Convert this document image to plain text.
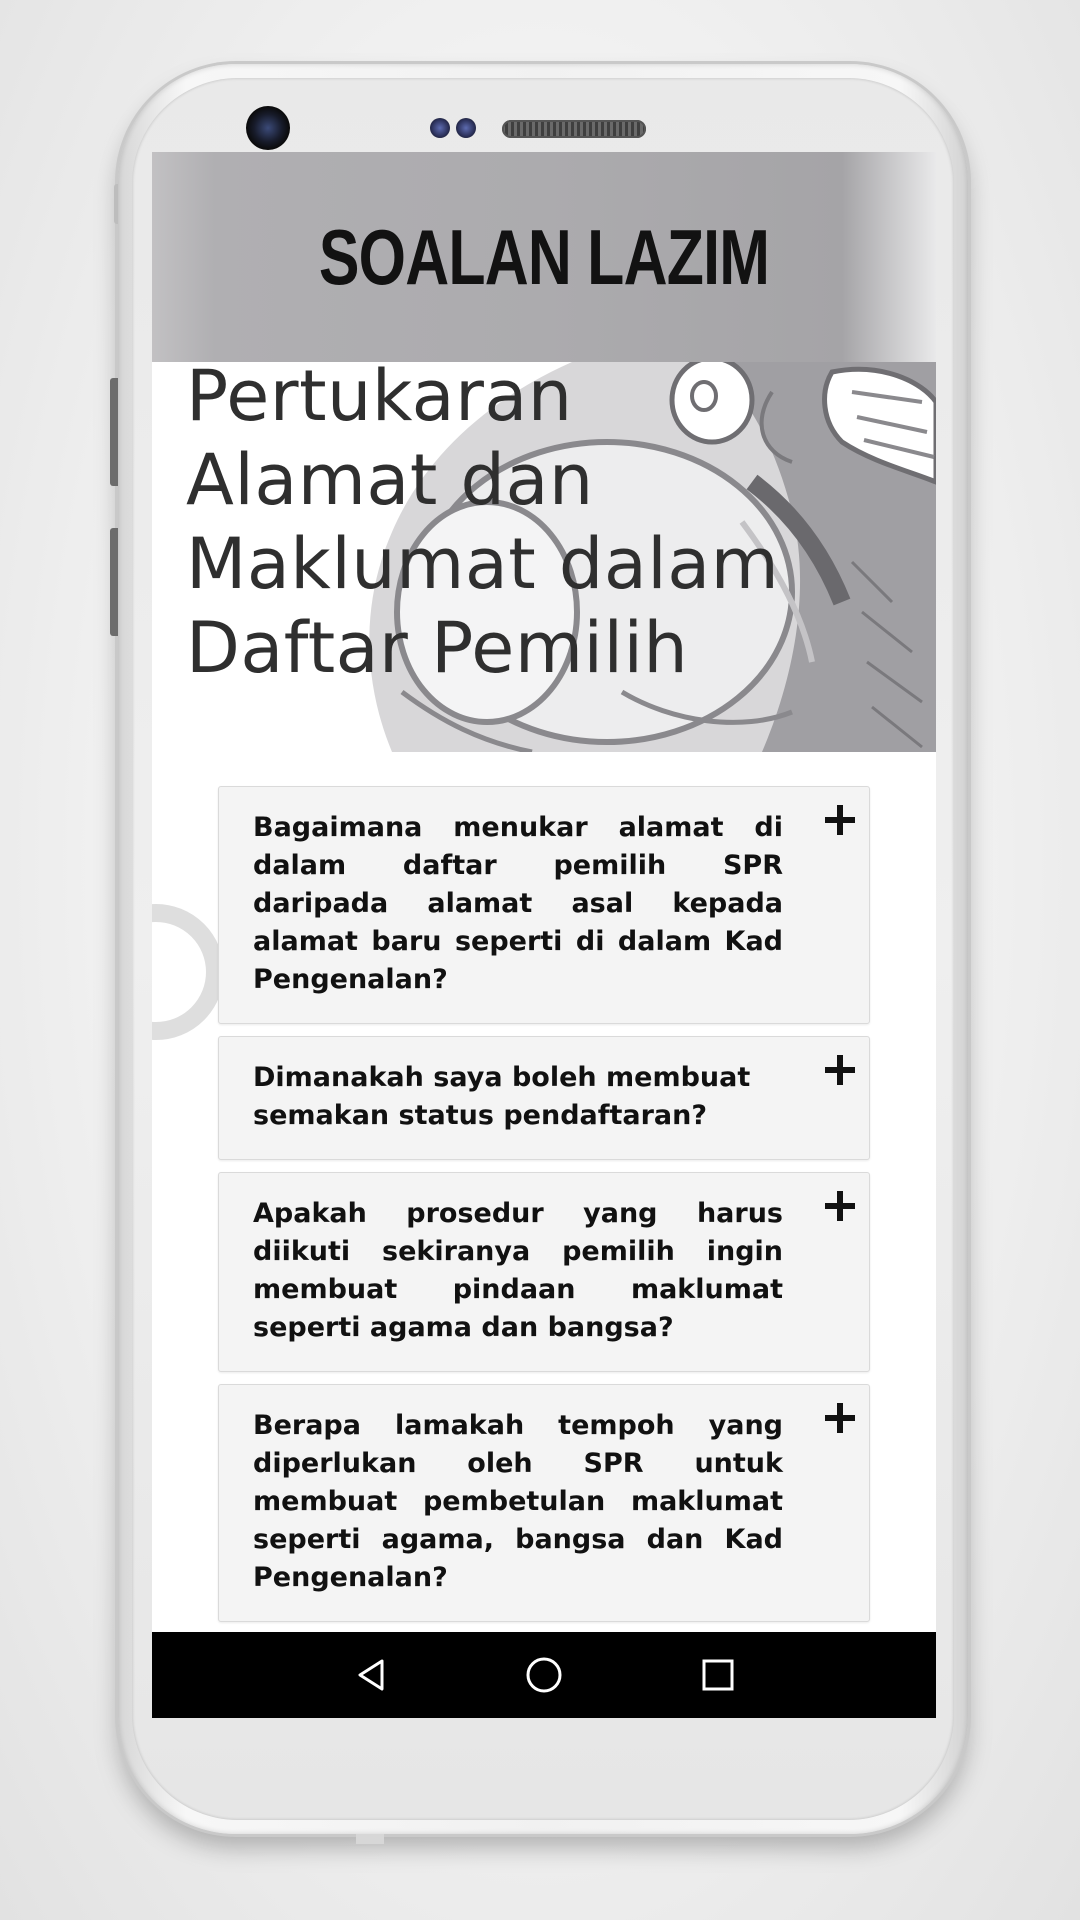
SOALAN LAZIM
Pertukaran
Alamat dan
Maklumat dalam
Daftar Pemilih
Bagaimana menukar alamat di dalam daftar pemilih SPR daripada alamat asal kepada alamat baru seperti di dalam Kad Pengenalan?
Dimanakah saya boleh membuat semakan status pendaftaran?
Apakah prosedur yang harus diikuti sekiranya pemilih ingin membuat pindaan maklumat seperti agama dan bangsa?
Berapa lamakah tempoh yang diperlukan oleh SPR untuk membuat pembetulan maklumat seperti agama, bangsa dan Kad Pengenalan?
